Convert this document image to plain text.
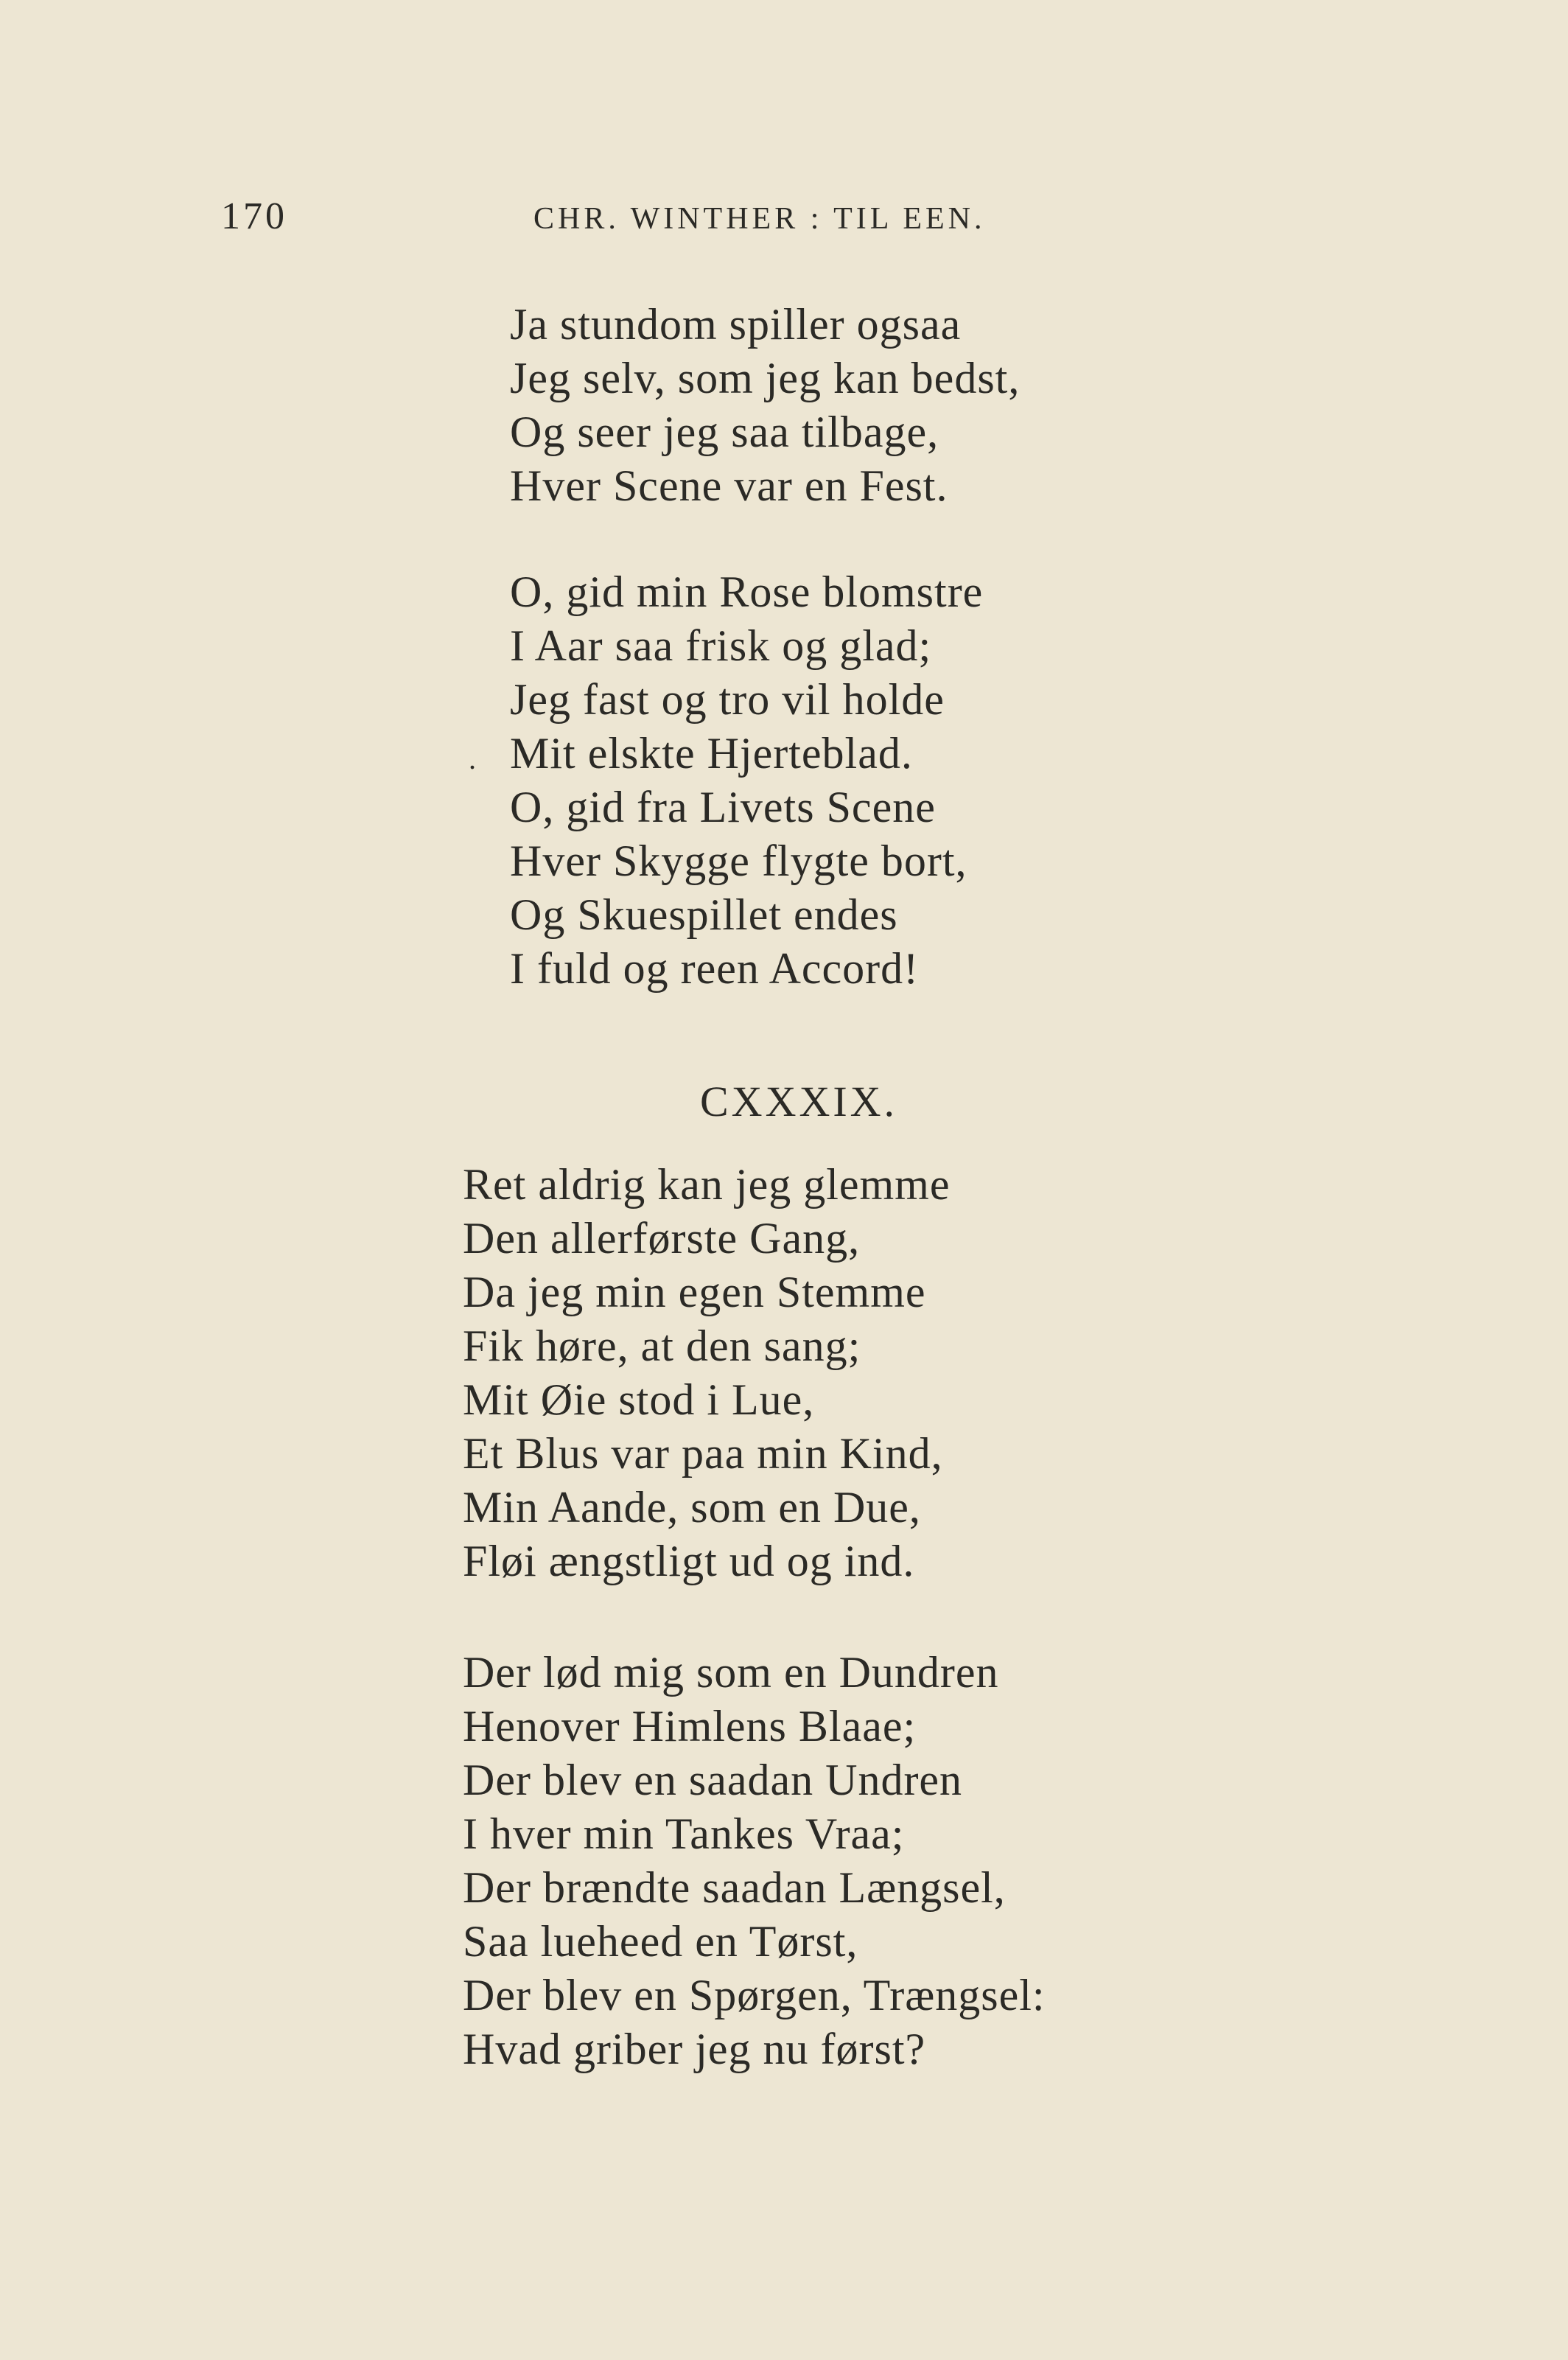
170	CHR. WINTHER : TIL EEN.
Ja stundom spiller ogsaa
Jeg selv, som jeg kan bedst,
Og seer jeg saa tilbage,
Hver Scene var en Fest.
O, gid min Rose blomstre
I Aar saa frisk og glad;
Jeg fast og tro vil holde
Mit elskte Hjerteblad.
O, gid fra Livets Scene
Hver Skygge flygte bort,
Og Skuespillet endes
I fuld og reen Accord!
.
CXXXIX.
Ret aldrig kan jeg glemme
Den allerførste Gang,
Da jeg min egen Stemme
Fik høre, at den sang;
Mit Øie stod i Lue,
Et Blus var paa min Kind,
Min Aande, som en Due,
Fløi ængstligt ud og ind.
Der lød mig som en Dundren
Henover Himlens Blaae;
Der blev en saadan Undren
I hver min Tankes Vraa;
Der brændte saadan Længsel,
Saa lueheed en Tørst,
Der blev en Spørgen, Trængsel:
Hvad griber jeg nu først?
